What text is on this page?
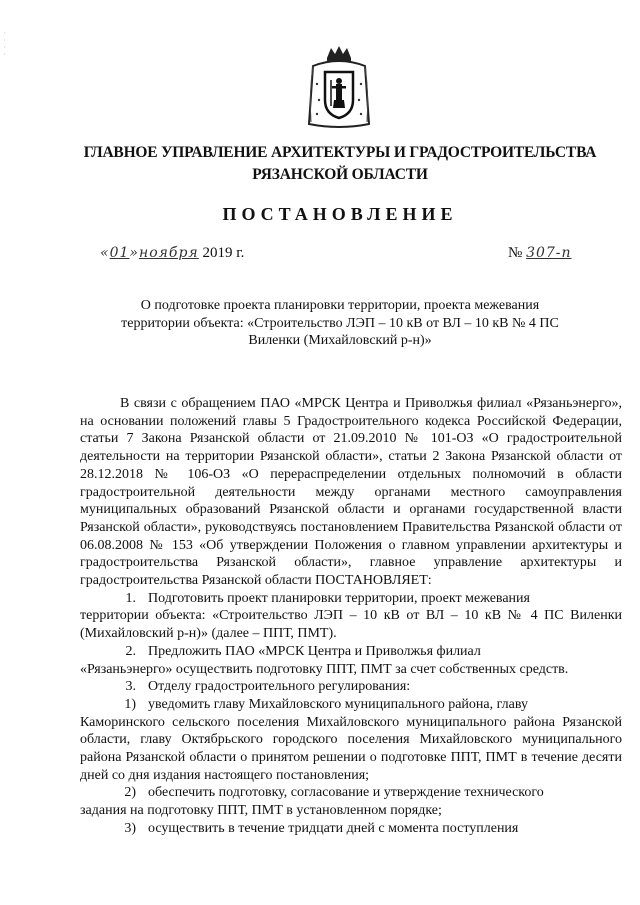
·
·
·
·
ГЛАВНОЕ УПРАВЛЕНИЕ АРХИТЕКТУРЫ И ГРАДОСТРОИТЕЛЬСТВА
РЯЗАНСКОЙ ОБЛАСТИ
ПОСТАНОВЛЕНИЕ
«01»ноября 2019 г.	№ 307-п
О подготовке проекта планировки территории, проекта межевания
территории объекта: «Строительство ЛЭП – 10 кВ от ВЛ – 10 кВ № 4 ПС
Виленки (Михайловский р-н)»

В связи с обращением ПАО «МРСК Центра и Приволжья филиал «Рязаньэнерго», на основании положений главы 5 Градостроительного кодекса Российской Федерации, статьи 7 Закона Рязанской области от 21.09.2010 № 101-ОЗ «О градостроительной деятельности на территории Рязанской области», статьи 2 Закона Рязанской области от 28.12.2018 № 106-ОЗ «О перераспределении отдельных полномочий в области градостроительной деятельности между органами местного самоуправления муниципальных образований Рязанской области и органами государственной власти Рязанской области», руководствуясь постановлением Правительства Рязанской области от 06.08.2008 № 153 «Об утверждении Положения о главном управлении архитектуры и градостроительства Рязанской области», главное управление архитектуры и градостроительства Рязанской области ПОСТАНОВЛЯЕТ:

1. Подготовить проект планировки территории, проект межевания
территории объекта: «Строительство ЛЭП – 10 кВ от ВЛ – 10 кВ № 4 ПС Виленки (Михайловский р-н)» (далее – ППТ, ПМТ).
2. Предложить ПАО «МРСК Центра и Приволжья филиал
«Рязаньэнерго» осуществить подготовку ППТ, ПМТ за счет собственных средств.
3. Отделу градостроительного регулирования:
1) уведомить главу Михайловского муниципального района, главу
Каморинского сельского поселения Михайловского муниципального района Рязанской области, главу Октябрьского городского поселения Михайловского муниципального района Рязанской области о принятом решении о подготовке ППТ, ПМТ в течение десяти дней со дня издания настоящего постановления;
2) обеспечить подготовку, согласование и утверждение технического
задания на подготовку ППТ, ПМТ в установленном порядке;
3) осуществить в течение тридцати дней с момента поступления
